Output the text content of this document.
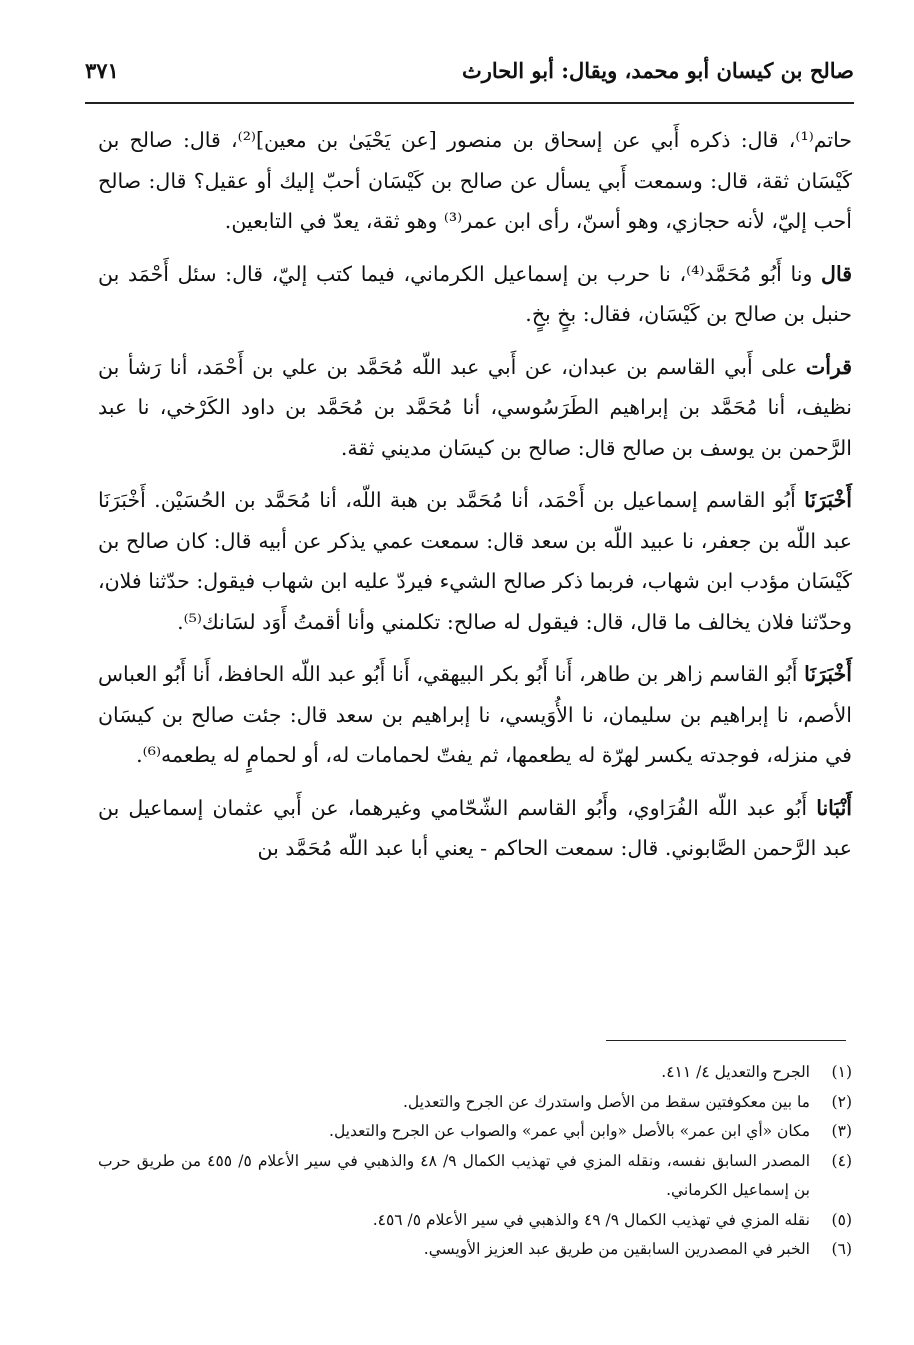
صالح بن كيسان أبو محمد، ويقال: أبو الحارث
٣٧١

حاتم⁽¹⁾، قال: ذكره أَبي عن إسحاق بن منصور [عن يَحْيَىٰ بن معين]⁽²⁾، قال: صالح بن كَيْسَان ثقة، قال: وسمعت أَبي يسأل عن صالح بن كَيْسَان أحبّ إليك أو عقيل؟ قال: صالح أحب إليّ، لأنه حجازي، وهو أسنّ، رأى ابن عمر⁽³⁾ وهو ثقة، يعدّ في التابعين.

قال ونا أَبُو مُحَمَّد⁽⁴⁾، نا حرب بن إسماعيل الكرماني، فيما كتب إليّ، قال: سئل أَحْمَد بن حنبل بن صالح بن كَيْسَان، فقال: بخٍ بخٍ.

قرأت على أَبي القاسم بن عبدان، عن أَبي عبد اللّه مُحَمَّد بن علي بن أَحْمَد، أنا رَشأ بن نظيف، أنا مُحَمَّد بن إبراهيم الطَرَسُوسي، أنا مُحَمَّد بن مُحَمَّد بن داود الكَرْخي، نا عبد الرَّحمن بن يوسف بن صالح قال: صالح بن كيسَان مديني ثقة.

أَخْبَرَنَا أَبُو القاسم إسماعيل بن أَحْمَد، أنا مُحَمَّد بن هبة اللّه، أنا مُحَمَّد بن الحُسَيْن. أَخْبَرَنَا عبد اللّه بن جعفر، نا عبيد اللّه بن سعد قال: سمعت عمي يذكر عن أبيه قال: كان صالح بن كَيْسَان مؤدب ابن شهاب، فربما ذكر صالح الشيء فيردّ عليه ابن شهاب فيقول: حدّثنا فلان، وحدّثنا فلان يخالف ما قال، قال: فيقول له صالح: تكلمني وأنا أقمتُ أَوَد لسَانك⁽⁵⁾.

أَخْبَرَنَا أَبُو القاسم زاهر بن طاهر، أَنا أَبُو بكر البيهقي، أَنا أَبُو عبد اللّه الحافظ، أَنا أَبُو العباس الأصم، نا إبراهيم بن سليمان، نا الأُوَيسي، نا إبراهيم بن سعد قال: جئت صالح بن كيسَان في منزله، فوجدته يكسر لهرّة له يطعمها، ثم يفتّ لحمامات له، أو لحمامٍ له يطعمه⁽⁶⁾.

أَنْبَانا أَبُو عبد اللّه الفُرَاوي، وأَبُو القاسم الشّحّامي وغيرهما، عن أَبي عثمان إسماعيل بن عبد الرَّحمن الصَّابوني. قال: سمعت الحاكم - يعني أبا عبد اللّه مُحَمَّد بن

(١)
الجرح والتعديل ٤/ ٤١١.
(٢)
ما بين معكوفتين سقط من الأصل واستدرك عن الجرح والتعديل.
(٣)
مكان «أي ابن عمر» بالأصل «وابن أبي عمر» والصواب عن الجرح والتعديل.
(٤)
المصدر السابق نفسه، ونقله المزي في تهذيب الكمال ٩/ ٤٨ والذهبي في سير الأعلام ٥/ ٤٥٥ من طريق حرب بن إسماعيل الكرماني.
(٥)
نقله المزي في تهذيب الكمال ٩/ ٤٩ والذهبي في سير الأعلام ٥/ ٤٥٦.
(٦)
الخبر في المصدرين السابقين من طريق عبد العزيز الأويسي.
